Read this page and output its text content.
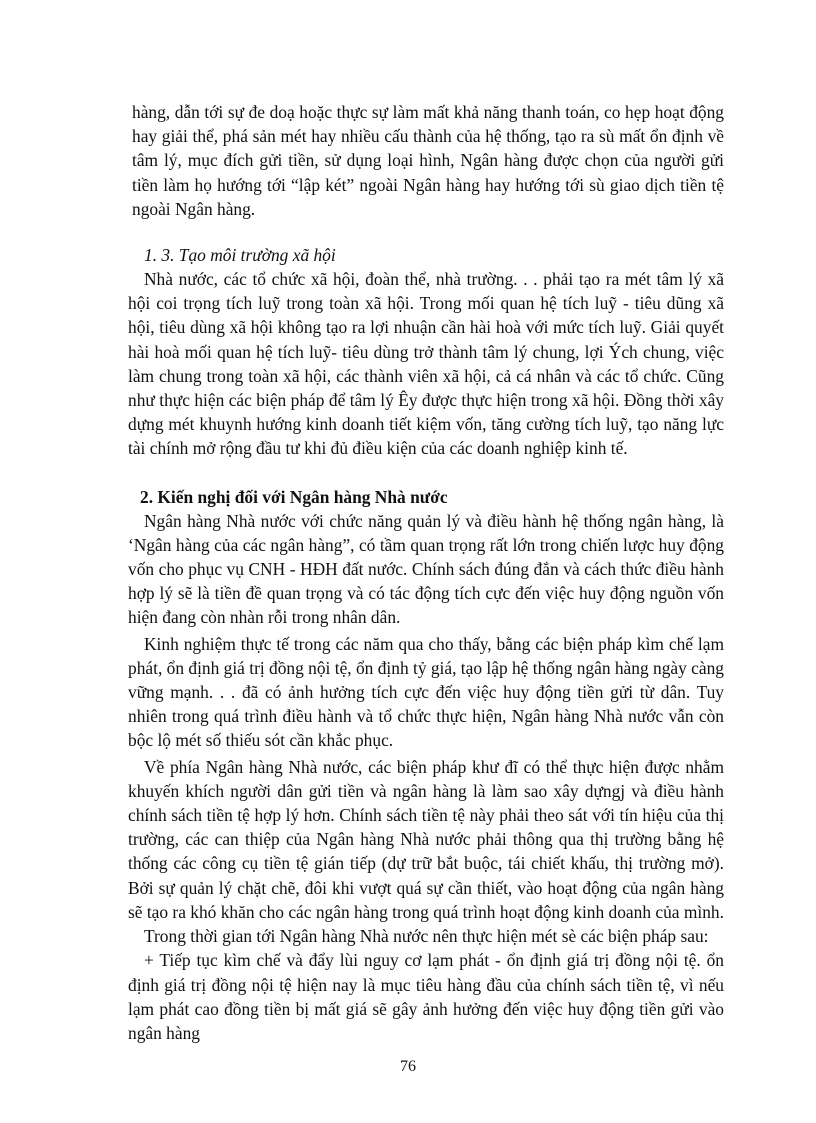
hàng, dẫn tới sự đe doạ hoặc thực sự làm mất khả năng thanh toán, co hẹp hoạt động hay giải thể, phá sản mét hay nhiều cấu thành của hệ thống, tạo ra sù mất ổn định về tâm lý, mục đích gửi tiền, sử dụng loại hình, Ngân hàng được chọn của người gửi tiền làm họ hướng tới “lập két” ngoài Ngân hàng hay hướng tới sù giao dịch tiền tệ ngoài Ngân hàng.

1. 3. Tạo môi trường xã hội

Nhà nước, các tổ chức xã hội, đoàn thể, nhà trường. . . phải tạo ra mét tâm lý xã hội coi trọng tích luỹ trong toàn xã hội. Trong mối quan hệ tích luỹ - tiêu dũng xã hội, tiêu dùng xã hội không tạo ra lợi nhuận cần hài hoà với mức tích luỹ. Giải quyết hài hoà mối quan hệ tích luỹ- tiêu dùng trở thành tâm lý chung, lợi Ých chung, việc làm chung trong toàn xã hội, các thành viên xã hội, cả cá nhân và các tổ chức. Cũng như thực hiện các biện pháp để tâm lý Êy được thực hiện trong xã hội. Đồng thời xây dựng mét khuynh hướng kinh doanh tiết kiệm vốn, tăng cường tích luỹ, tạo năng lực tài chính mở rộng đầu tư khi đủ điều kiện của các doanh nghiệp kinh tế.

2. Kiến nghị đối với Ngân hàng Nhà nước

Ngân hàng Nhà nước với chức năng quản lý và điều hành hệ thống ngân hàng, là ‘Ngân hàng của các ngân hàng”, có tầm quan trọng rất lớn trong chiến lược huy động vốn cho phục vụ CNH - HĐH đất nước. Chính sách đúng đắn và cách thức điều hành hợp lý sẽ là tiền đề quan trọng và có tác động tích cực đến việc huy động nguồn vốn hiện đang còn nhàn rỗi trong nhân dân.

Kinh nghiệm thực tế trong các năm qua cho thấy, bằng các biện pháp kìm chế lạm phát, ổn định giá trị đồng nội tệ, ổn định tỷ giá, tạo lập hệ thống ngân hàng ngày càng vững mạnh. . . đã có ảnh hưởng tích cực đến việc huy động tiền gửi từ dân. Tuy nhiên trong quá trình điều hành và tổ chức thực hiện, Ngân hàng Nhà nước vẫn còn bộc lộ mét số thiếu sót cần khắc phục.

Về phía Ngân hàng Nhà nước, các biện pháp khư đĩ có thể thực hiện được nhằm khuyến khích người dân gửi tiền và ngân hàng là làm sao xây dựngj và điều hành chính sách tiền tệ hợp lý hơn. Chính sách tiền tệ này phải theo sát với tín hiệu của thị trường, các can thiệp của Ngân hàng Nhà nước phải thông qua thị trường bằng hệ thống các công cụ tiền tệ gián tiếp (dự trữ bắt buộc, tái chiết khấu, thị trường mở). Bởi sự quản lý chặt chẽ, đôi khi vượt quá sự cần thiết, vào hoạt động của ngân hàng sẽ tạo ra khó khăn cho các ngân hàng trong quá trình hoạt động kinh doanh của mình.

Trong thời gian tới Ngân hàng Nhà nước nên thực hiện mét sè các biện pháp sau:

+ Tiếp tục kìm chế và đẩy lùi nguy cơ lạm phát - ổn định giá trị đồng nội tệ. ổn định giá trị đồng nội tệ hiện nay là mục tiêu hàng đầu của chính sách tiền tệ, vì nếu lạm phát cao đồng tiền bị mất giá sẽ gây ảnh hưởng đến việc huy động tiền gửi vào ngân hàng

76
